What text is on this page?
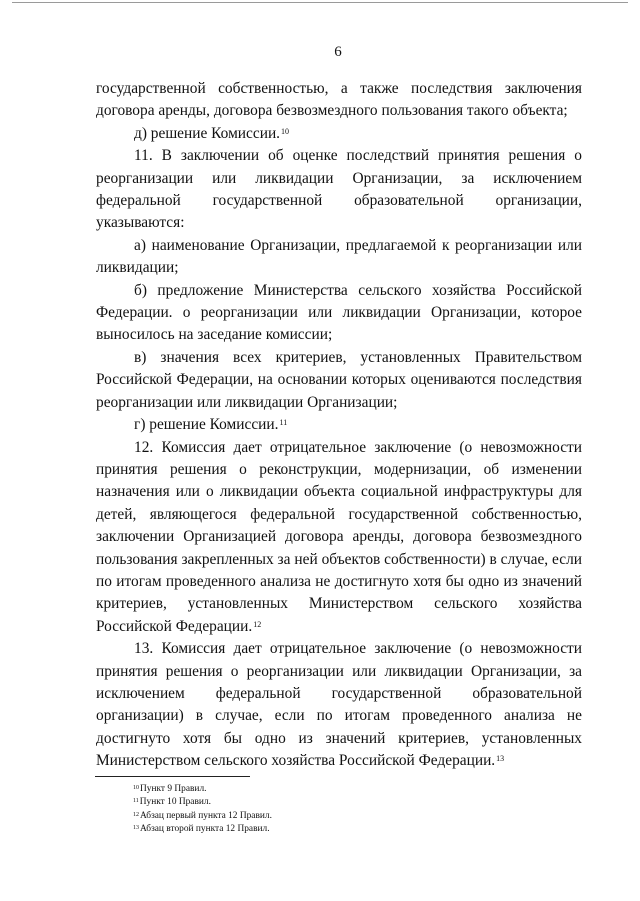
6

государственной собственностью, а также последствия заключения договора аренды, договора безвозмездного пользования такого объекта;

д) решение Комиссии.$^{10}$

11. В заключении об оценке последствий принятия решения о реорганизации или ликвидации Организации, за исключением федеральной государственной образовательной организации, указываются:

а) наименование Организации, предлагаемой к реорганизации или ликвидации;

б) предложение Министерства сельского хозяйства Российской Федерации. о реорганизации или ликвидации Организации, которое выносилось на заседание комиссии;

в) значения всех критериев, установленных Правительством Российской Федерации, на основании которых оцениваются последствия реорганизации или ликвидации Организации;

г) решение Комиссии.$^{11}$

12. Комиссия дает отрицательное заключение (о невозможности принятия решения о реконструкции, модернизации, об изменении назначения или о ликвидации объекта социальной инфраструктуры для детей, являющегося федеральной государственной собственностью, заключении Организацией договора аренды, договора безвозмездного пользования закрепленных за ней объектов собственности) в случае, если по итогам проведенного анализа не достигнуто хотя бы одно из значений критериев, установленных Министерством сельского хозяйства Российской Федерации.$^{12}$

13. Комиссия дает отрицательное заключение (о невозможности принятия решения о реорганизации или ликвидации Организации, за исключением федеральной государственной образовательной организации) в случае, если по итогам проведенного анализа не достигнуто хотя бы одно из значений критериев, установленных Министерством сельского хозяйства Российской Федерации.$^{13}$

$^{10}$Пункт 9 Правил.
$^{11}$Пункт 10 Правил.
$^{12}$Абзац первый пункта 12 Правил.
$^{13}$Абзац второй пункта 12 Правил.
